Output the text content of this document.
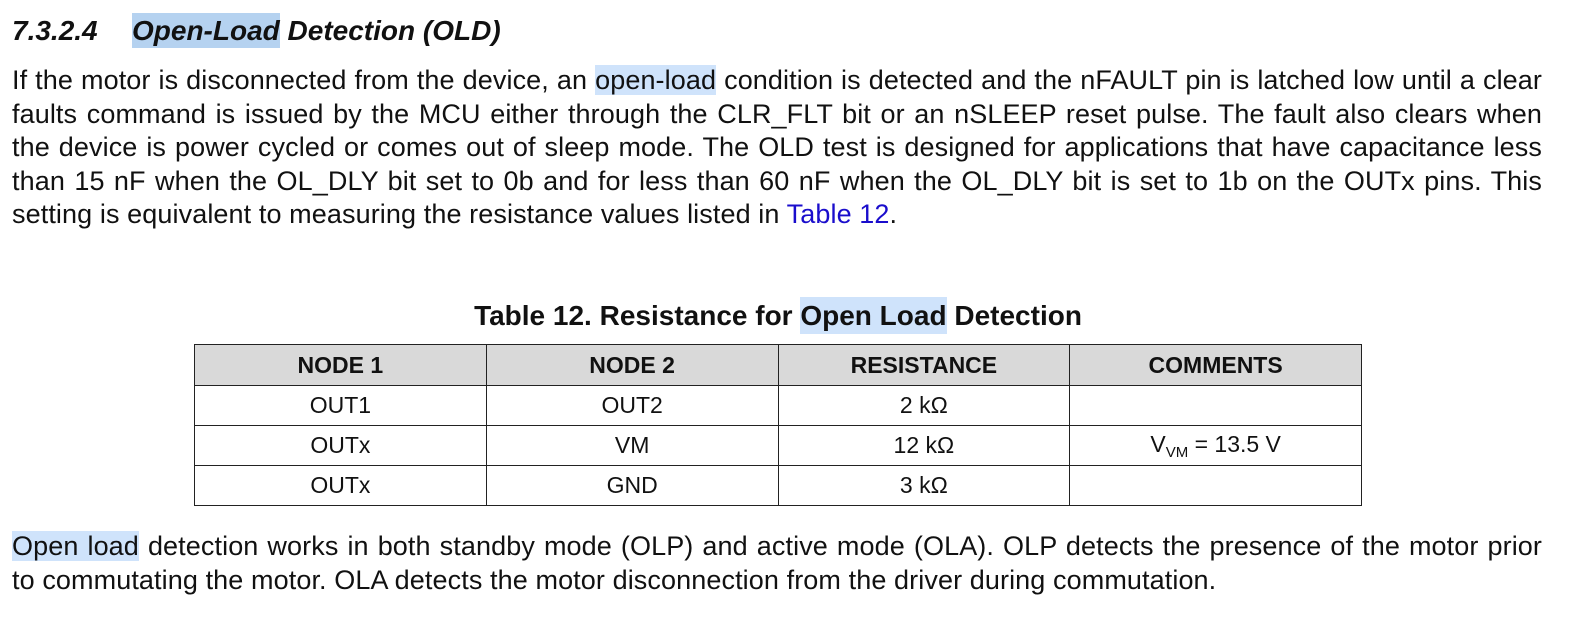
7.3.2.4 Open-Load Detection (OLD)

If the motor is disconnected from the device, an open-load condition is detected and the nFAULT pin is latched low until a clear faults command is issued by the MCU either through the CLR_FLT bit or an nSLEEP reset pulse. The fault also clears when the device is power cycled or comes out of sleep mode. The OLD test is designed for applications that have capacitance less than 15 nF when the OL_DLY bit set to 0b and for less than 60 nF when the OL_DLY bit is set to 1b on the OUTx pins. This setting is equivalent to measuring the resistance values listed in Table 12.

Table 12. Resistance for Open Load Detection
NODE 1	NODE 2	RESISTANCE	COMMENTS
OUT1	OUT2	2 kΩ	
OUTx	VM	12 kΩ	$V_{VM} = 13.5$ V
OUTx	GND	3 kΩ	

Open load detection works in both standby mode (OLP) and active mode (OLA). OLP detects the presence of the motor prior to commutating the motor. OLA detects the motor disconnection from the driver during commutation.
